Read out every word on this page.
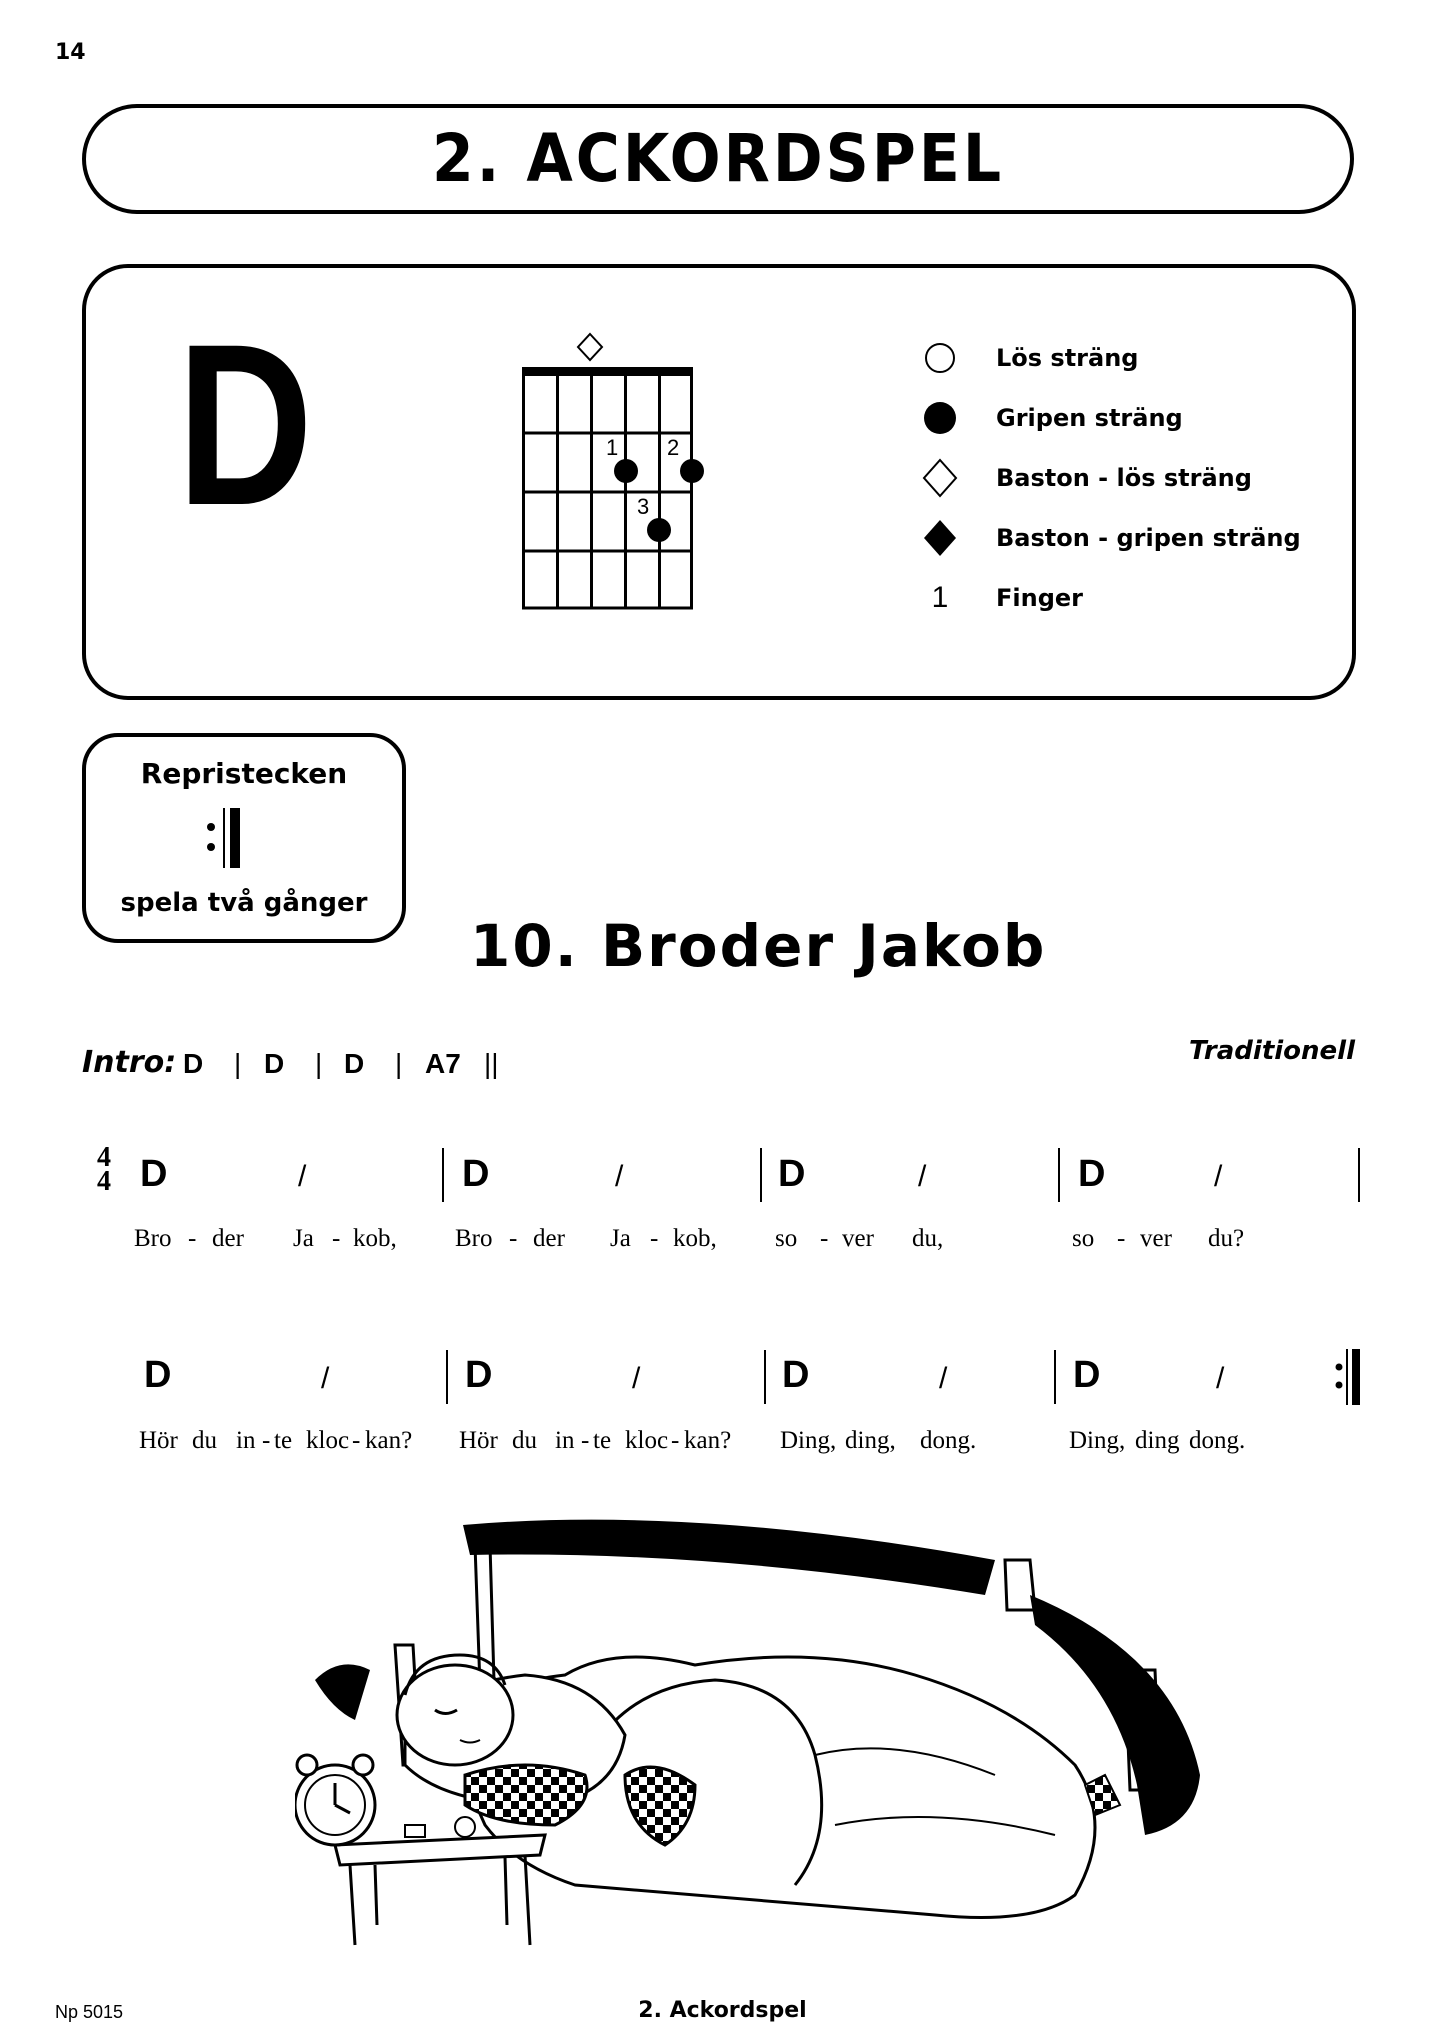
14
2. ACKORDSPEL
D	1 2
3
Lös sträng
Gripen sträng
Baston - lös sträng
Baston - gripen sträng
1 Finger
Repristecken
spela två gånger
10. Broder Jakob
Intro: D | D | D | A7 ||	Traditionell
4
4 D	/	D	/	D	/	D	/
Bro - der Ja - kob, Bro - der Ja - kob, so - ver du,	so - ver du?
D	/	D	/	D	/	D	/
Hör du in - te kloc - kan? Hör du in - te kloc - kan? Ding, ding, dong.	Ding, ding dong.
Np 5015	2. Ackordspel
